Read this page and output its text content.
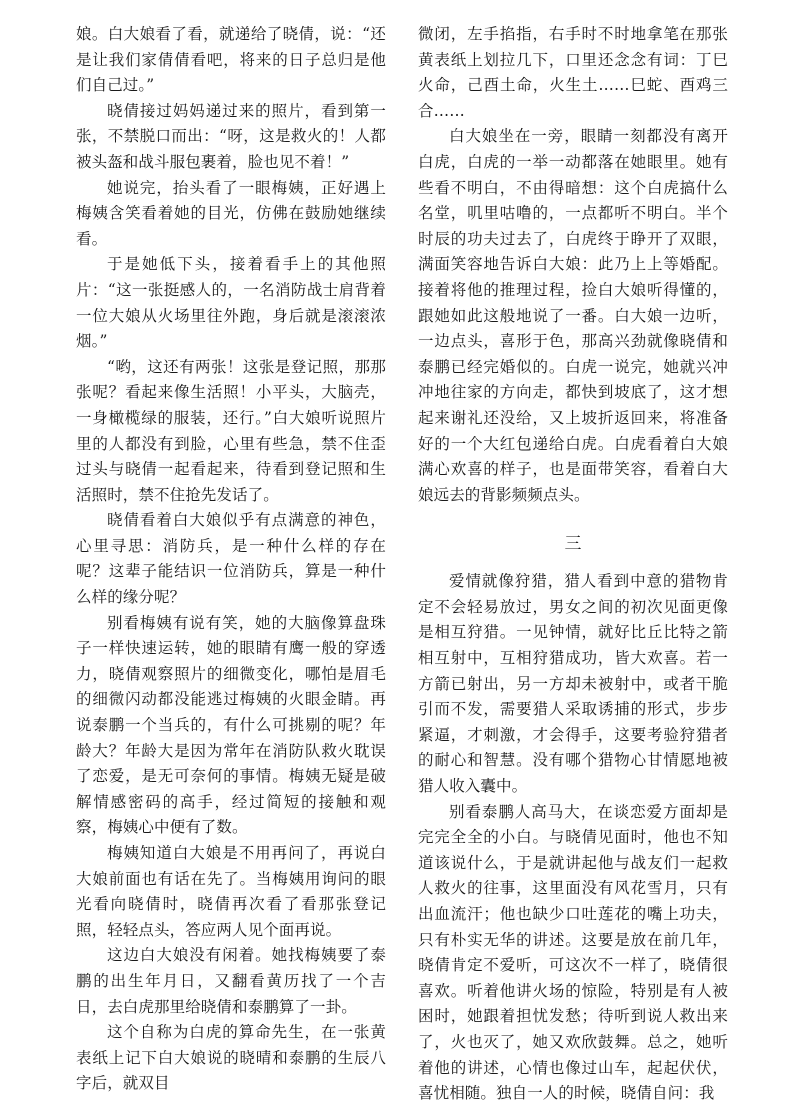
娘。白大娘看了看，就递给了晓倩，说：“还是让我们家倩倩看吧，将来的日子总归是他们自己过。”

晓倩接过妈妈递过来的照片，看到第一张，不禁脱口而出：“呀，这是救火的！人都被头盔和战斗服包裹着，脸也见不着！”

她说完，抬头看了一眼梅姨，正好遇上梅姨含笑看着她的目光，仿佛在鼓励她继续看。

于是她低下头，接着看手上的其他照片：“这一张挺感人的，一名消防战士肩背着一位大娘从火场里往外跑，身后就是滚滚浓烟。”

“哟，这还有两张！这张是登记照，那那张呢？看起来像生活照！小平头，大脑壳，一身橄榄绿的服装，还行。”白大娘听说照片里的人都没有到脸，心里有些急，禁不住歪过头与晓倩一起看起来，待看到登记照和生活照时，禁不住抢先发话了。

晓倩看着白大娘似乎有点满意的神色，心里寻思：消防兵，是一种什么样的存在呢？这辈子能结识一位消防兵，算是一种什么样的缘分呢？

别看梅姨有说有笑，她的大脑像算盘珠子一样快速运转，她的眼睛有鹰一般的穿透力，晓倩观察照片的细微变化，哪怕是眉毛的细微闪动都没能逃过梅姨的火眼金睛。再说泰鹏一个当兵的，有什么可挑剔的呢？年龄大？年龄大是因为常年在消防队救火耽误了恋爱，是无可奈何的事情。梅姨无疑是破解情感密码的高手，经过简短的接触和观察，梅姨心中便有了数。

梅姨知道白大娘是不用再问了，再说白大娘前面也有话在先了。当梅姨用询问的眼光看向晓倩时，晓倩再次看了看那张登记照，轻轻点头，答应两人见个面再说。

这边白大娘没有闲着。她找梅姨要了泰鹏的出生年月日，又翻看黄历找了一个吉日，去白虎那里给晓倩和泰鹏算了一卦。

这个自称为白虎的算命先生，在一张黄表纸上记下白大娘说的晓晴和泰鹏的生辰八字后，就双目

微闭，左手掐指，右手时不时地拿笔在那张黄表纸上划拉几下，口里还念念有词：丁巳火命，己酉土命，火生土……巳蛇、酉鸡三合……

白大娘坐在一旁，眼睛一刻都没有离开白虎，白虎的一举一动都落在她眼里。她有些看不明白，不由得暗想：这个白虎搞什么名堂，叽里咕噜的，一点都听不明白。半个时辰的功夫过去了，白虎终于睁开了双眼，满面笑容地告诉白大娘：此乃上上等婚配。接着将他的推理过程，捡白大娘听得懂的，跟她如此这般地说了一番。白大娘一边听，一边点头，喜形于色，那高兴劲就像晓倩和泰鹏已经完婚似的。白虎一说完，她就兴冲冲地往家的方向走，都快到坡底了，这才想起来谢礼还没给，又上坡折返回来，将准备好的一个大红包递给白虎。白虎看着白大娘满心欢喜的样子，也是面带笑容，看着白大娘远去的背影频频点头。

三

爱情就像狩猎，猎人看到中意的猎物肯定不会轻易放过，男女之间的初次见面更像是相互狩猎。一见钟情，就好比丘比特之箭相互射中，互相狩猎成功，皆大欢喜。若一方箭已射出，另一方却未被射中，或者干脆引而不发，需要猎人采取诱捕的形式，步步紧逼，才刺激，才会得手，这要考验狩猎者的耐心和智慧。没有哪个猎物心甘情愿地被猎人收入囊中。

别看泰鹏人高马大，在谈恋爱方面却是完完全全的小白。与晓倩见面时，他也不知道该说什么，于是就讲起他与战友们一起救人救火的往事，这里面没有风花雪月，只有出血流汗；他也缺少口吐莲花的嘴上功夫，只有朴实无华的讲述。这要是放在前几年，晓倩肯定不爱听，可这次不一样了，晓倩很喜欢。听着他讲火场的惊险，特别是有人被困时，她跟着担忧发愁；待听到说人救出来了，火也灭了，她又欢欣鼓舞。总之，她听着他的讲述，心情也像过山车，起起伏伏，喜忧相随。独自一人的时候，晓倩自问：我
